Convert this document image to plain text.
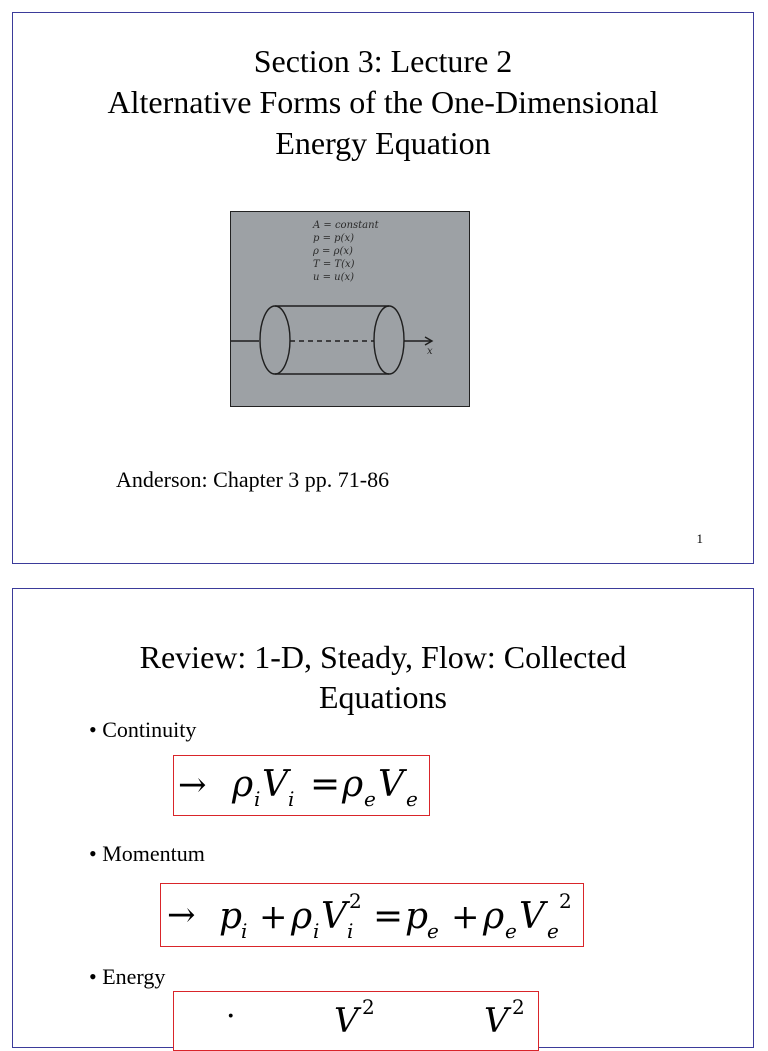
Section 3: Lecture 2
Alternative Forms of the One-Dimensional
Energy Equation
A = constant
p = p(x)
ρ = ρ(x)
T = T(x)
u = u(x)
x
Anderson: Chapter 3 pp. 71-86
1
Review: 1-D, Steady, Flow: Collected
Equations
• Continuity
→ ρ i V i = ρ e V e
• Momentum
→ p
i + ρ i V i
2 = p
e + ρ e V e
2
• Energy
·	V 2	V 2
